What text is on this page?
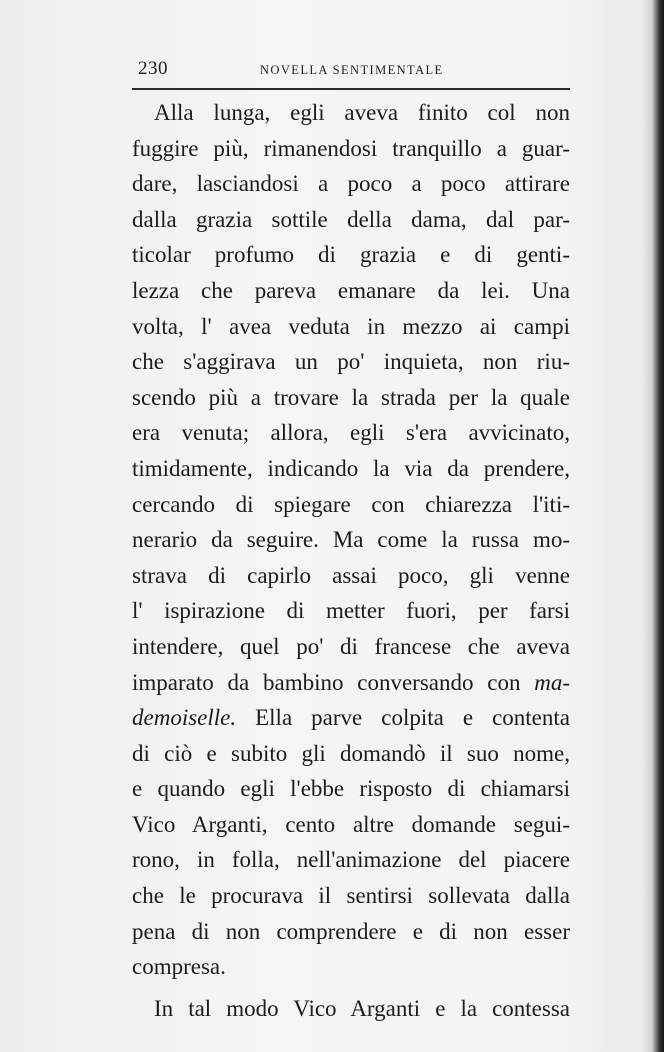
230	NOVELLA SENTIMENTALE
Alla lunga, egli aveva finito col non
fuggire più, rimanendosi tranquillo a guar-
dare, lasciandosi a poco a poco attirare
dalla grazia sottile della dama, dal par-
ticolar profumo di grazia e di genti-
lezza che pareva emanare da lei. Una
volta, l' avea veduta in mezzo ai campi
che s'aggirava un po' inquieta, non riu-
scendo più a trovare la strada per la quale
era venuta; allora, egli s'era avvicinato,
timidamente, indicando la via da prendere,
cercando di spiegare con chiarezza l'iti-
nerario da seguire. Ma come la russa mo-
strava di capirlo assai poco, gli venne
l' ispirazione di metter fuori, per farsi
intendere, quel po' di francese che aveva
imparato da bambino conversando con ma-
demoiselle. Ella parve colpita e contenta
di ciò e subito gli domandò il suo nome,
e quando egli l'ebbe risposto di chiamarsi
Vico Arganti, cento altre domande segui-
rono, in folla, nell'animazione del piacere
che le procurava il sentirsi sollevata dalla
pena di non comprendere e di non esser
compresa.
In tal modo Vico Arganti e la contessa
